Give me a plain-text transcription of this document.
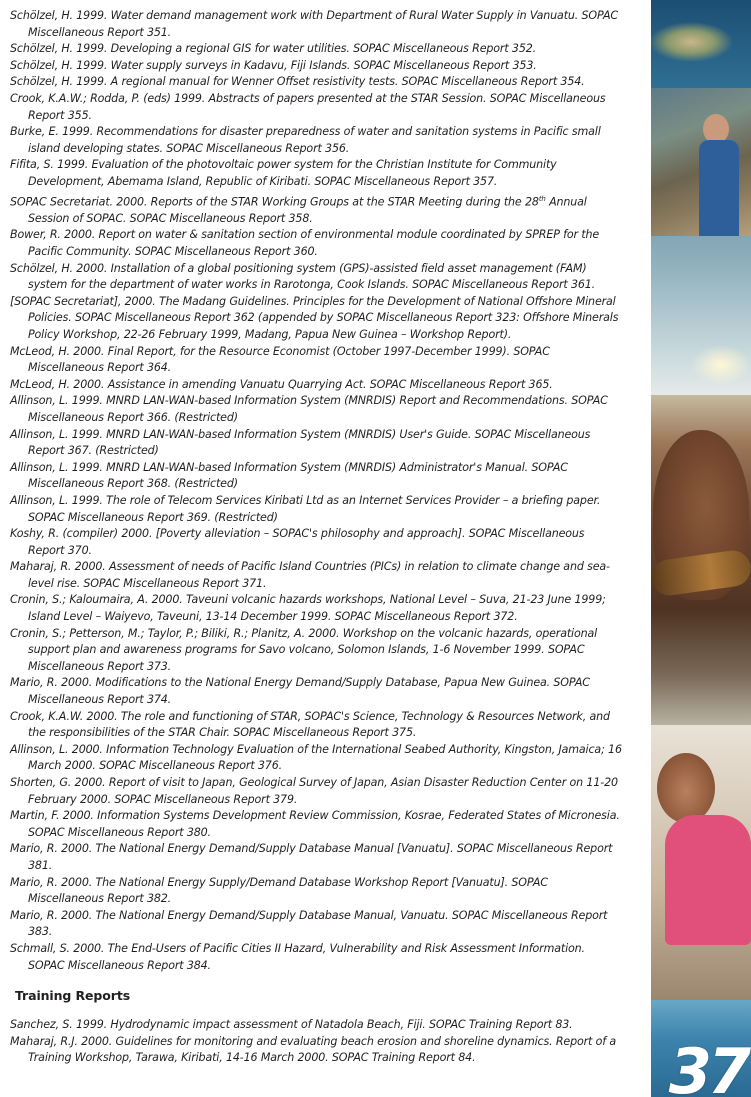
Schölzel, H. 1999. Water demand management work with Department of Rural Water Supply in Vanuatu. SOPAC Miscellaneous Report 351.

Schölzel, H. 1999. Developing a regional GIS for water utilities. SOPAC Miscellaneous Report 352.

Schölzel, H. 1999. Water supply surveys in Kadavu, Fiji Islands. SOPAC Miscellaneous Report 353.

Schölzel, H. 1999. A regional manual for Wenner Offset resistivity tests. SOPAC Miscellaneous Report 354.

Crook, K.A.W.; Rodda, P. (eds) 1999. Abstracts of papers presented at the STAR Session. SOPAC Miscellaneous Report 355.

Burke, E. 1999. Recommendations for disaster preparedness of water and sanitation systems in Pacific small island developing states. SOPAC Miscellaneous Report 356.

Fifita, S. 1999. Evaluation of the photovoltaic power system for the Christian Institute for Community Development, Abemama Island, Republic of Kiribati. SOPAC Miscellaneous Report 357.

SOPAC Secretariat. 2000. Reports of the STAR Working Groups at the STAR Meeting during the 28th Annual Session of SOPAC. SOPAC Miscellaneous Report 358.

Bower, R. 2000. Report on water & sanitation section of environmental module coordinated by SPREP for the Pacific Community. SOPAC Miscellaneous Report 360.

Schölzel, H. 2000. Installation of a global positioning system (GPS)-assisted field asset management (FAM) system for the department of water works in Rarotonga, Cook Islands. SOPAC Miscellaneous Report 361.

[SOPAC Secretariat], 2000. The Madang Guidelines. Principles for the Development of National Offshore Mineral Policies. SOPAC Miscellaneous Report 362 (appended by SOPAC Miscellaneous Report 323: Offshore Minerals Policy Workshop, 22-26 February 1999, Madang, Papua New Guinea – Workshop Report).

McLeod, H. 2000. Final Report, for the Resource Economist (October 1997-December 1999). SOPAC Miscellaneous Report 364.

McLeod, H. 2000. Assistance in amending Vanuatu Quarrying Act. SOPAC Miscellaneous Report 365.

Allinson, L. 1999. MNRD LAN-WAN-based Information System (MNRDIS) Report and Recommendations. SOPAC Miscellaneous Report 366. (Restricted)

Allinson, L. 1999. MNRD LAN-WAN-based Information System (MNRDIS) User's Guide. SOPAC Miscellaneous Report 367. (Restricted)

Allinson, L. 1999. MNRD LAN-WAN-based Information System (MNRDIS) Administrator's Manual. SOPAC Miscellaneous Report 368. (Restricted)

Allinson, L. 1999. The role of Telecom Services Kiribati Ltd as an Internet Services Provider – a briefing paper. SOPAC Miscellaneous Report 369. (Restricted)

Koshy, R. (compiler) 2000. [Poverty alleviation – SOPAC's philosophy and approach]. SOPAC Miscellaneous Report 370.

Maharaj, R. 2000. Assessment of needs of Pacific Island Countries (PICs) in relation to climate change and sea-level rise. SOPAC Miscellaneous Report 371.

Cronin, S.; Kaloumaira, A. 2000. Taveuni volcanic hazards workshops, National Level – Suva, 21-23 June 1999; Island Level – Waiyevo, Taveuni, 13-14 December 1999. SOPAC Miscellaneous Report 372.

Cronin, S.; Petterson, M.; Taylor, P.; Biliki, R.; Planitz, A. 2000. Workshop on the volcanic hazards, operational support plan and awareness programs for Savo volcano, Solomon Islands, 1-6 November 1999. SOPAC Miscellaneous Report 373.

Mario, R. 2000. Modifications to the National Energy Demand/Supply Database, Papua New Guinea. SOPAC Miscellaneous Report 374.

Crook, K.A.W. 2000. The role and functioning of STAR, SOPAC's Science, Technology & Resources Network, and the responsibilities of the STAR Chair. SOPAC Miscellaneous Report 375.

Allinson, L. 2000. Information Technology Evaluation of the International Seabed Authority, Kingston, Jamaica; 16 March 2000. SOPAC Miscellaneous Report 376.

Shorten, G. 2000. Report of visit to Japan, Geological Survey of Japan, Asian Disaster Reduction Center on 11-20 February 2000. SOPAC Miscellaneous Report 379.

Martin, F. 2000. Information Systems Development Review Commission, Kosrae, Federated States of Micronesia. SOPAC Miscellaneous Report 380.

Mario, R. 2000. The National Energy Demand/Supply Database Manual [Vanuatu]. SOPAC Miscellaneous Report 381.

Mario, R. 2000. The National Energy Supply/Demand Database Workshop Report [Vanuatu]. SOPAC Miscellaneous Report 382.

Mario, R. 2000. The National Energy Demand/Supply Database Manual, Vanuatu. SOPAC Miscellaneous Report 383.

Schmall, S. 2000. The End-Users of Pacific Cities II Hazard, Vulnerability and Risk Assessment Information. SOPAC Miscellaneous Report 384.

Training Reports

Sanchez, S. 1999. Hydrodynamic impact assessment of Natadola Beach, Fiji. SOPAC Training Report 83.

Maharaj, R.J. 2000. Guidelines for monitoring and evaluating beach erosion and shoreline dynamics. Report of a Training Workshop, Tarawa, Kiribati, 14-16 March 2000. SOPAC Training Report 84.	37
